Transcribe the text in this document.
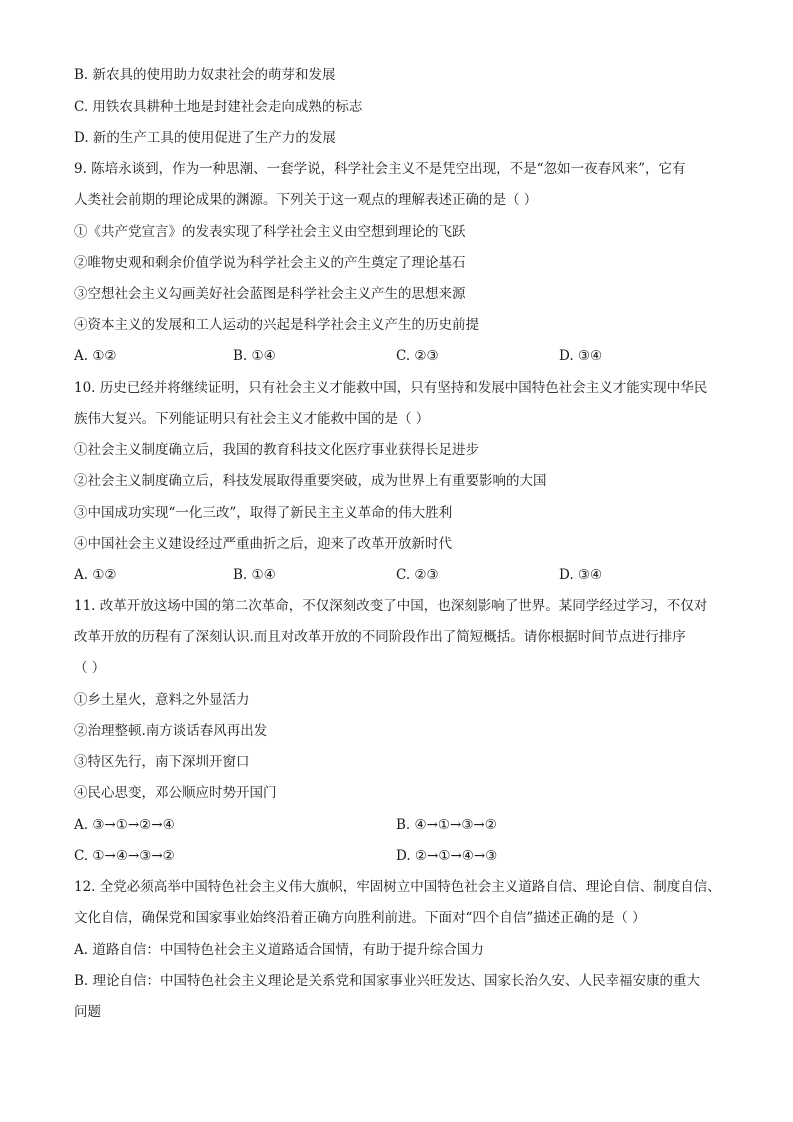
B. 新农具的使用助力奴隶社会的萌芽和发展
C. 用铁农具耕种土地是封建社会走向成熟的标志
D. 新的生产工具的使用促进了生产力的发展
9. 陈培永谈到，作为一种思潮、一套学说，科学社会主义不是凭空出现，不是“忽如一夜春风来”，它有
人类社会前期的理论成果的渊源。下列关于这一观点的理解表述正确的是（ ）
①《共产党宣言》的发表实现了科学社会主义由空想到理论的飞跃
②唯物史观和剩余价值学说为科学社会主义的产生奠定了理论基石
③空想社会主义勾画美好社会蓝图是科学社会主义产生的思想来源
④资本主义的发展和工人运动的兴起是科学社会主义产生的历史前提
A. ①②	B. ①④	C. ②③	D. ③④
10. 历史已经并将继续证明，只有社会主义才能救中国，只有坚持和发展中国特色社会主义才能实现中华民
族伟大复兴。下列能证明只有社会主义才能救中国的是（ ）
①社会主义制度确立后，我国的教育科技文化医疗事业获得长足进步
②社会主义制度确立后，科技发展取得重要突破，成为世界上有重要影响的大国
③中国成功实现“一化三改”，取得了新民主主义革命的伟大胜利
④中国社会主义建设经过严重曲折之后，迎来了改革开放新时代
A. ①②	B. ①④	C. ②③	D. ③④
11. 改革开放这场中国的第二次革命，不仅深刻改变了中国，也深刻影响了世界。某同学经过学习，不仅对
改革开放的历程有了深刻认识.而且对改革开放的不同阶段作出了简短概括。请你根据时间节点进行排序
（ ）
①乡土星火，意料之外显活力
②治理整顿.南方谈话春风再出发
③特区先行，南下深圳开窗口
④民心思变，邓公顺应时势开国门
A. ③→①→②→④	B. ④→①→③→②
C. ①→④→③→②	D. ②→①→④→③
12. 全党必须高举中国特色社会主义伟大旗帜，牢固树立中国特色社会主义道路自信、理论自信、制度自信、
文化自信，确保党和国家事业始终沿着正确方向胜利前进。下面对“四个自信”描述正确的是（ ）
A. 道路自信：中国特色社会主义道路适合国情，有助于提升综合国力
B. 理论自信：中国特色社会主义理论是关系党和国家事业兴旺发达、国家长治久安、人民幸福安康的重大
问题
